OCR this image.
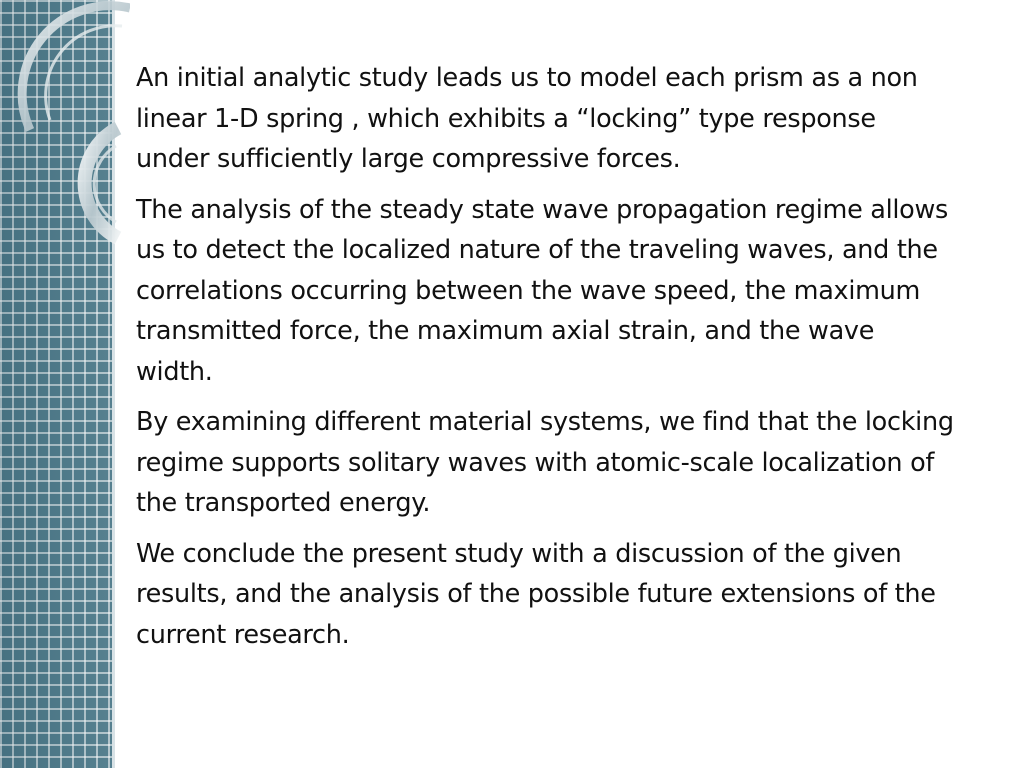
An initial analytic study leads us to model each prism as a non linear 1-D spring , which exhibits a “locking” type response under sufficiently large compressive forces.

The analysis of the steady state wave propagation regime allows us to detect the localized nature of the traveling waves, and the correlations occurring between the wave speed, the maximum transmitted force, the maximum axial strain, and the wave width.

By examining different material systems, we find that the locking regime supports solitary waves with atomic-scale localization of the transported energy.

We conclude the present study with a discussion of the given results, and the analysis of the possible future extensions of the current research.
